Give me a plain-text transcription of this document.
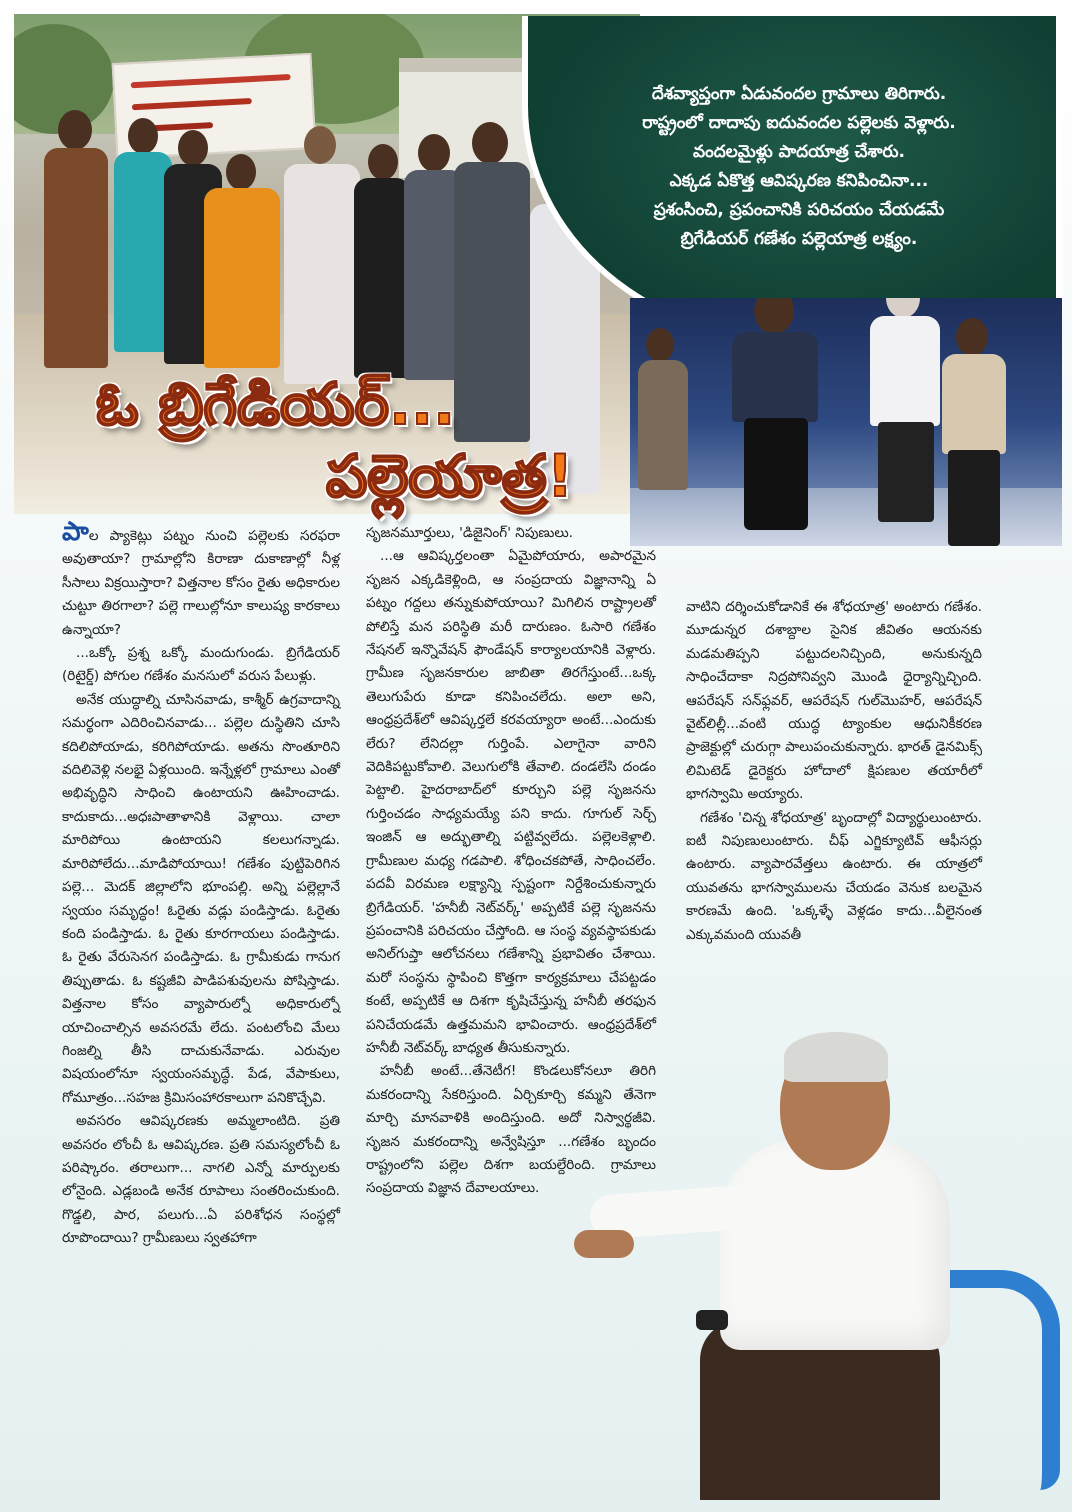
దేశవ్యాప్తంగా ఏడువందల గ్రామాలు తిరిగారు.
రాష్ట్రంలో దాదాపు ఐదువందల పల్లెలకు వెళ్లారు.
వందలమైళ్లు పాదయాత్ర చేశారు.
ఎక్కడ ఏకొత్త ఆవిష్కరణ కనిపించినా...
ప్రశంసించి, ప్రపంచానికి పరిచయం చేయడమే
బ్రిగేడియర్ గణేశం పల్లెయాత్ర లక్ష్యం.
ఓ బ్రిగేడియర్...
పల్లెయాత్ర!

పాల ప్యాకెట్లు పట్నం నుంచి పల్లెలకు సరఫరా అవుతాయా? గ్రామాల్లోని కిరాణా దుకాణాల్లో నీళ్ల సీసాలు విక్రయిస్తారా? విత్తనాల కోసం రైతు అధికారుల చుట్టూ తిరగాలా? పల్లె గాలుల్లోనూ కాలుష్య కారకాలు ఉన్నాయా?

...ఒక్కో ప్రశ్న ఒక్కో మందుగుండు. బ్రిగేడియర్ (రిటైర్డ్) పోగుల గణేశం మనసులో వరుస పేలుళ్లు.

అనేక యుద్ధాల్ని చూసినవాడు, కాశ్మీర్ ఉగ్రవాదాన్ని సమర్థంగా ఎదిరించినవాడు... పల్లెల దుస్థితిని చూసి కదిలిపోయాడు, కరిగిపోయాడు. అతను సొంతూరిని వదిలివెళ్లి నలభై ఏళ్లయింది. ఇన్నేళ్లలో గ్రామాలు ఎంతో అభివృద్ధిని సాధించి ఉంటాయని ఊహించాడు. కాదుకాదు...అధఃపాతాళానికి వెళ్లాయి. చాలా మారిపోయి ఉంటాయని కలలుగన్నాడు. మారిపోలేదు...మాడిపోయాయి! గణేశం పుట్టిపెరిగిన పల్లె... మెదక్ జిల్లాలోని భూంపల్లి. అన్ని పల్లెల్లానే స్వయం సమృద్ధం! ఓరైతు వడ్లు పండిస్తాడు. ఓరైతు కంది పండిస్తాడు. ఓ రైతు కూరగాయలు పండిస్తాడు. ఓ రైతు వేరుసెనగ పండిస్తాడు. ఓ గ్రామీకుడు గానుగ తిప్పుతాడు. ఓ కష్టజీవి పాడిపశువులను పోషిస్తాడు. విత్తనాల కోసం వ్యాపారుల్నో అధికారుల్నో యాచించాల్సిన అవసరమే లేదు. పంటలోంచి మేలు గింజల్ని తీసి దాచుకునేవాడు. ఎరువుల విషయంలోనూ స్వయంసమృద్ధే. పేడ, వేపాకులు, గోమూత్రం...సహజ క్రిమిసంహారకాలుగా పనికొచ్చేవి.

అవసరం ఆవిష్కరణకు అమ్మలాంటిది. ప్రతి అవసరం లోంచీ ఓ ఆవిష్కరణ. ప్రతి సమస్యలోంచీ ఓ పరిష్కారం. తరాలుగా... నాగలి ఎన్నో మార్పులకు లోనైంది. ఎడ్లబండి అనేక రూపాలు సంతరించుకుంది. గొడ్డలి, పార, పలుగు...ఏ పరిశోధన సంస్థల్లో రూపొందాయి? గ్రామీణులు స్వతహాగా

సృజనమూర్తులు, 'డిజైనింగ్' నిపుణులు.

...ఆ ఆవిష్కర్తలంతా ఏమైపోయారు, అపారమైన సృజన ఎక్కడికెళ్లింది, ఆ సంప్రదాయ విజ్ఞానాన్ని ఏ పట్నం గద్దలు తన్నుకుపోయాయి? మిగిలిన రాష్ట్రాలతో పోలిస్తే మన పరిస్థితి మరీ దారుణం. ఓసారి గణేశం నేషనల్ ఇన్నొవేషన్ ఫౌండేషన్ కార్యాలయానికి వెళ్లారు. గ్రామీణ సృజనకారుల జాబితా తిరగేస్తుంటే...ఒక్క తెలుగుపేరు కూడా కనిపించలేదు. అలా అని, ఆంధ్రప్రదేశ్‌లో ఆవిష్కర్తలే కరవయ్యారా అంటే...ఎందుకు లేరు? లేనిదల్లా గుర్తింపే. ఎలాగైనా వారిని వెదికిపట్టుకోవాలి. వెలుగులోకి తేవాలి. దండలేసి దండం పెట్టాలి. హైదరాబాద్‌లో కూర్చుని పల్లె సృజనను గుర్తించడం సాధ్యమయ్యే పని కాదు. గూగుల్ సెర్చ్ ఇంజిన్ ఆ అద్భుతాల్ని పట్టివ్వలేదు. పల్లెలకెళ్లాలి. గ్రామీణుల మధ్య గడపాలి. శోధించకపోతే, సాధించలేం. పదవీ విరమణ లక్ష్యాన్ని స్పష్టంగా నిర్దేశించుకున్నారు బ్రిగేడియర్. 'హనీబీ నెట్‌వర్క్' అప్పటికే పల్లె సృజనను ప్రపంచానికి పరిచయం చేస్తోంది. ఆ సంస్థ వ్యవస్థాపకుడు అనిల్‌గుప్తా ఆలోచనలు గణేశాన్ని ప్రభావితం చేశాయి. మరో సంస్థను స్థాపించి కొత్తగా కార్యక్రమాలు చేపట్టడం కంటే, అప్పటికే ఆ దిశగా కృషిచేస్తున్న హనీబీ తరఫున పనిచేయడమే ఉత్తమమని భావించారు. ఆంధ్రప్రదేశ్‌లో హనీబీ నెట్‌వర్క్ బాధ్యత తీసుకున్నారు.

హనీబీ అంటే...తేనెటీగ! కొండలుకోనలూ తిరిగి మకరందాన్ని సేకరిస్తుంది. ఏర్చికూర్చి కమ్మని తేనెగా మార్చి మానవాళికి అందిస్తుంది. అదో నిస్వార్థజీవి. సృజన మకరందాన్ని అన్వేషిస్తూ ...గణేశం బృందం రాష్ట్రంలోని పల్లెల దిశగా బయల్దేరింది. గ్రామాలు సంప్రదాయ విజ్ఞాన దేవాలయాలు.

వాటిని దర్శించుకోడానికే ఈ శోధయాత్ర' అంటారు గణేశం. మూడున్నర దశాబ్దాల సైనిక జీవితం ఆయనకు మడమతిప్పని పట్టుదలనిచ్చింది, అనుకున్నది సాధించేదాకా నిద్రపోనివ్వని మొండి ధైర్యాన్నిచ్చింది. ఆపరేషన్ సన్‌ఫ్లవర్, ఆపరేషన్ గుల్‌మొహర్, ఆపరేషన్ వైట్‌లిల్లీ...వంటి యుద్ధ ట్యాంకుల ఆధునికీకరణ ప్రాజెక్టుల్లో చురుగ్గా పాలుపంచుకున్నారు. భారత్ డైనమిక్స్ లిమిటెడ్ డైరెక్టరు హోదాలో క్షిపణుల తయారీలో భాగస్వామి అయ్యారు.

గణేశం 'చిన్న శోధయాత్ర' బృందాల్లో విద్యార్థులుంటారు. ఐటీ నిపుణులుంటారు. చీఫ్ ఎగ్జిక్యూటివ్ ఆఫీసర్లు ఉంటారు. వ్యాపారవేత్తలు ఉంటారు. ఈ యాత్రలో యువతను భాగస్వాములను చేయడం వెనుక బలమైన కారణమే ఉంది. 'ఒక్కళ్ళే వెళ్లడం కాదు...వీలైనంత ఎక్కువమంది యువతీ
